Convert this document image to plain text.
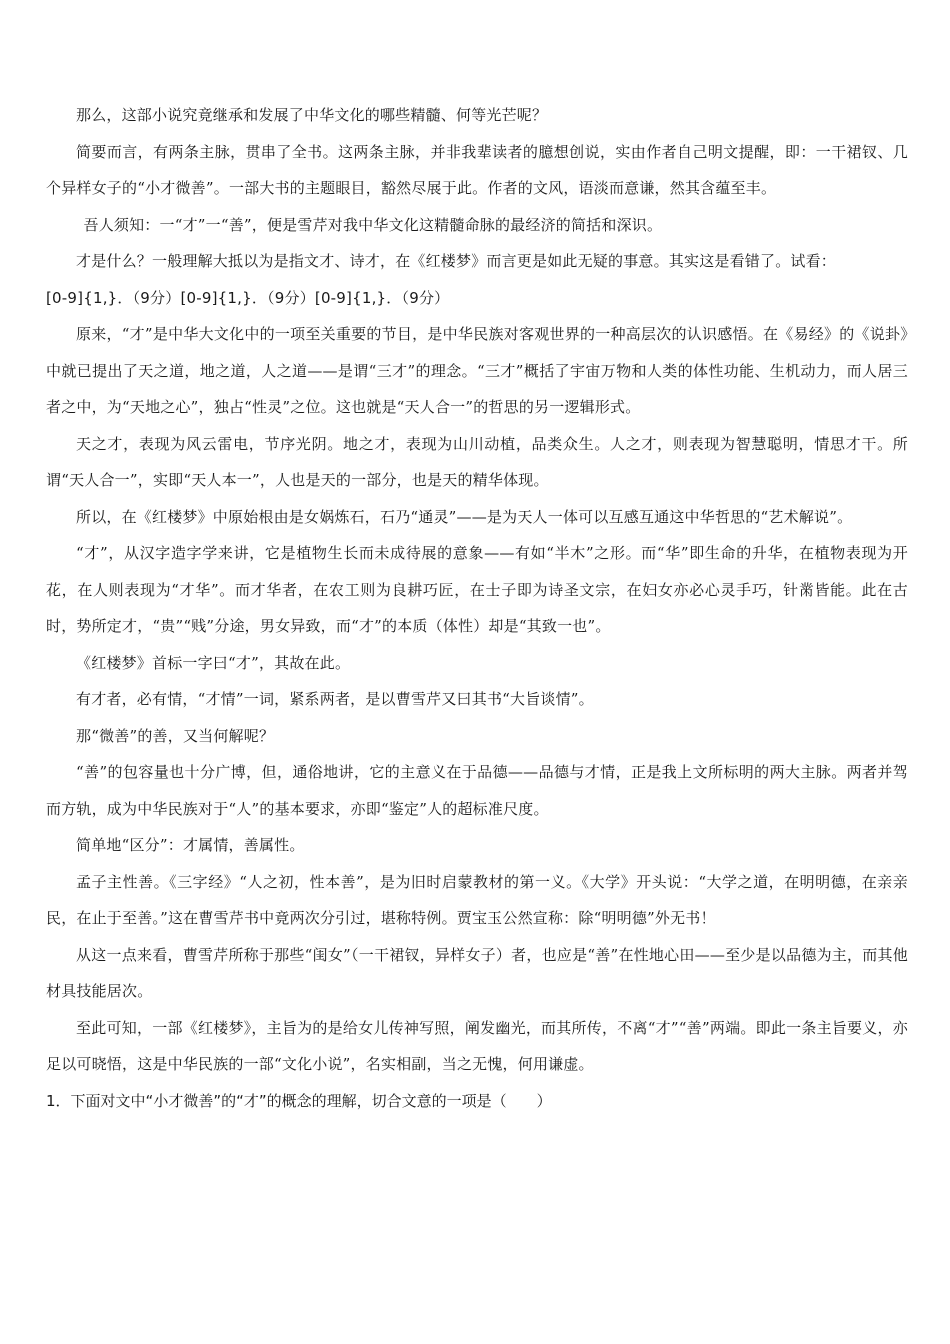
那么，这部小说究竟继承和发展了中华文化的哪些精髓、何等光芒呢？

简要而言，有两条主脉，贯串了全书。这两条主脉，并非我辈读者的臆想创说，实由作者自己明文提醒，即：一干裙钗、几个异样女子的“小才微善”。一部大书的主题眼目，豁然尽展于此。作者的文风，语淡而意谦，然其含蕴至丰。

吾人须知：一“才”一“善”，便是雪芹对我中华文化这精髓命脉的最经济的简括和深识。

才是什么？一般理解大抵以为是指文才、诗才，在《红楼梦》而言更是如此无疑的事意。其实这是看错了。试看：

[0-9]{1,}．（9分）[0-9]{1,}．（9分）[0-9]{1,}．（9分）

原来，“才”是中华大文化中的一项至关重要的节目，是中华民族对客观世界的一种高层次的认识感悟。在《易经》的《说卦》中就已提出了天之道，地之道，人之道——是谓“三才”的理念。“三才”概括了宇宙万物和人类的体性功能、生机动力，而人居三者之中，为“天地之心”，独占“性灵”之位。这也就是“天人合一”的哲思的另一逻辑形式。

天之才，表现为风云雷电，节序光阴。地之才，表现为山川动植，品类众生。人之才，则表现为智慧聪明，情思才干。所谓“天人合一”，实即“天人本一”，人也是天的一部分，也是天的精华体现。

所以，在《红楼梦》中原始根由是女娲炼石，石乃“通灵”——是为天人一体可以互感互通这中华哲思的“艺术解说”。

“才”，从汉字造字学来讲，它是植物生长而未成待展的意象——有如“半木”之形。而“华”即生命的升华，在植物表现为开花，在人则表现为“才华”。而才华者，在农工则为良耕巧匠，在士子即为诗圣文宗，在妇女亦必心灵手巧，针黹皆能。此在古时，势所定才，“贵”“贱”分途，男女异致，而“才”的本质（体性）却是“其致一也”。

《红楼梦》首标一字曰“才”，其故在此。

有才者，必有情，“才情”一词，紧系两者，是以曹雪芹又曰其书“大旨谈情”。

那“微善”的善，又当何解呢？

“善”的包容量也十分广博，但，通俗地讲，它的主意义在于品德——品德与才情，正是我上文所标明的两大主脉。两者并驾而方轨，成为中华民族对于“人”的基本要求，亦即“鉴定”人的超标准尺度。

简单地“区分”：才属情，善属性。

孟子主性善。《三字经》“人之初，性本善”，是为旧时启蒙教材的第一义。《大学》开头说：“大学之道，在明明德，在亲亲民，在止于至善。”这在曹雪芹书中竟两次分引过，堪称特例。贾宝玉公然宣称：除“明明德”外无书！

从这一点来看，曹雪芹所称于那些“闺女”（一干裙钗，异样女子）者，也应是“善”在性地心田——至少是以品德为主，而其他材具技能居次。

至此可知，一部《红楼梦》，主旨为的是给女儿传神写照，阐发幽光，而其所传，不离“才”“善”两端。即此一条主旨要义，亦足以可晓悟，这是中华民族的一部“文化小说”，名实相副，当之无愧，何用谦虚。

1．下面对文中“小才微善”的“才”的概念的理解，切合文意的一项是（　　）
